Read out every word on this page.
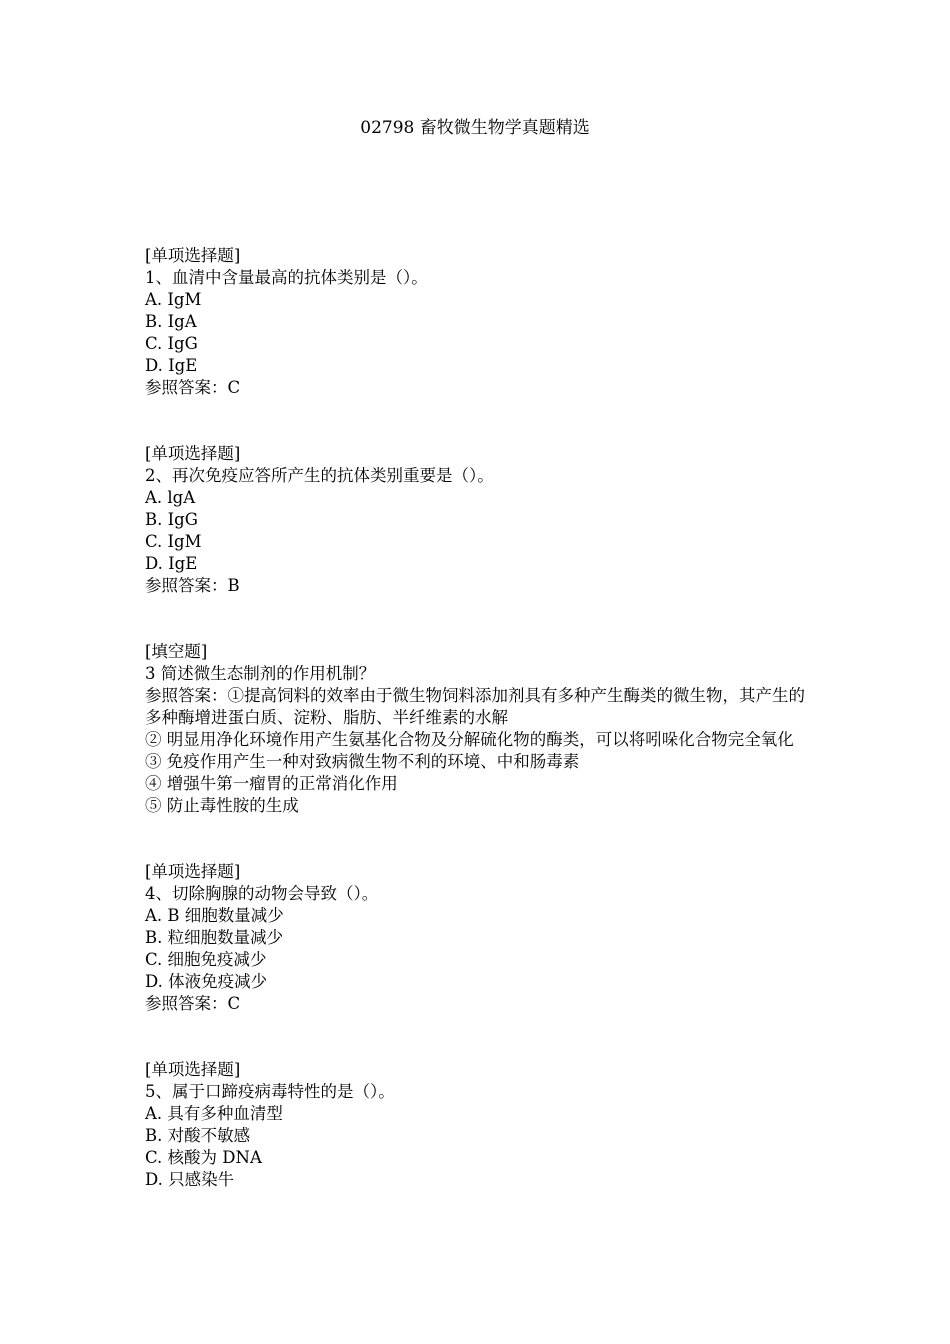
02798 畜牧微生物学真题精选
[单项选择题]
1、血清中含量最高的抗体类别是（）。
A. IgM
B. IgA
C. IgG
D. IgE
参照答案：C
[单项选择题]
2、再次免疫应答所产生的抗体类别重要是（）。
A. lgA
B. IgG
C. IgM
D. IgE
参照答案：B
[填空题]
3 简述微生态制剂的作用机制？
参照答案：①提高饲料的效率由于微生物饲料添加剂具有多种产生酶类的微生物，其产生的多种酶增进蛋白质、淀粉、脂肪、半纤维素的水解
② 明显用净化环境作用产生氨基化合物及分解硫化物的酶类，可以将吲哚化合物完全氧化
③ 免疫作用产生一种对致病微生物不利的环境、中和肠毒素
④ 增强牛第一瘤胃的正常消化作用
⑤ 防止毒性胺的生成
[单项选择题]
4、切除胸腺的动物会导致（）。
A. B 细胞数量减少
B. 粒细胞数量减少
C. 细胞免疫减少
D. 体液免疫减少
参照答案：C
[单项选择题]
5、属于口蹄疫病毒特性的是（）。
A. 具有多种血清型
B. 对酸不敏感
C. 核酸为 DNA
D. 只感染牛
